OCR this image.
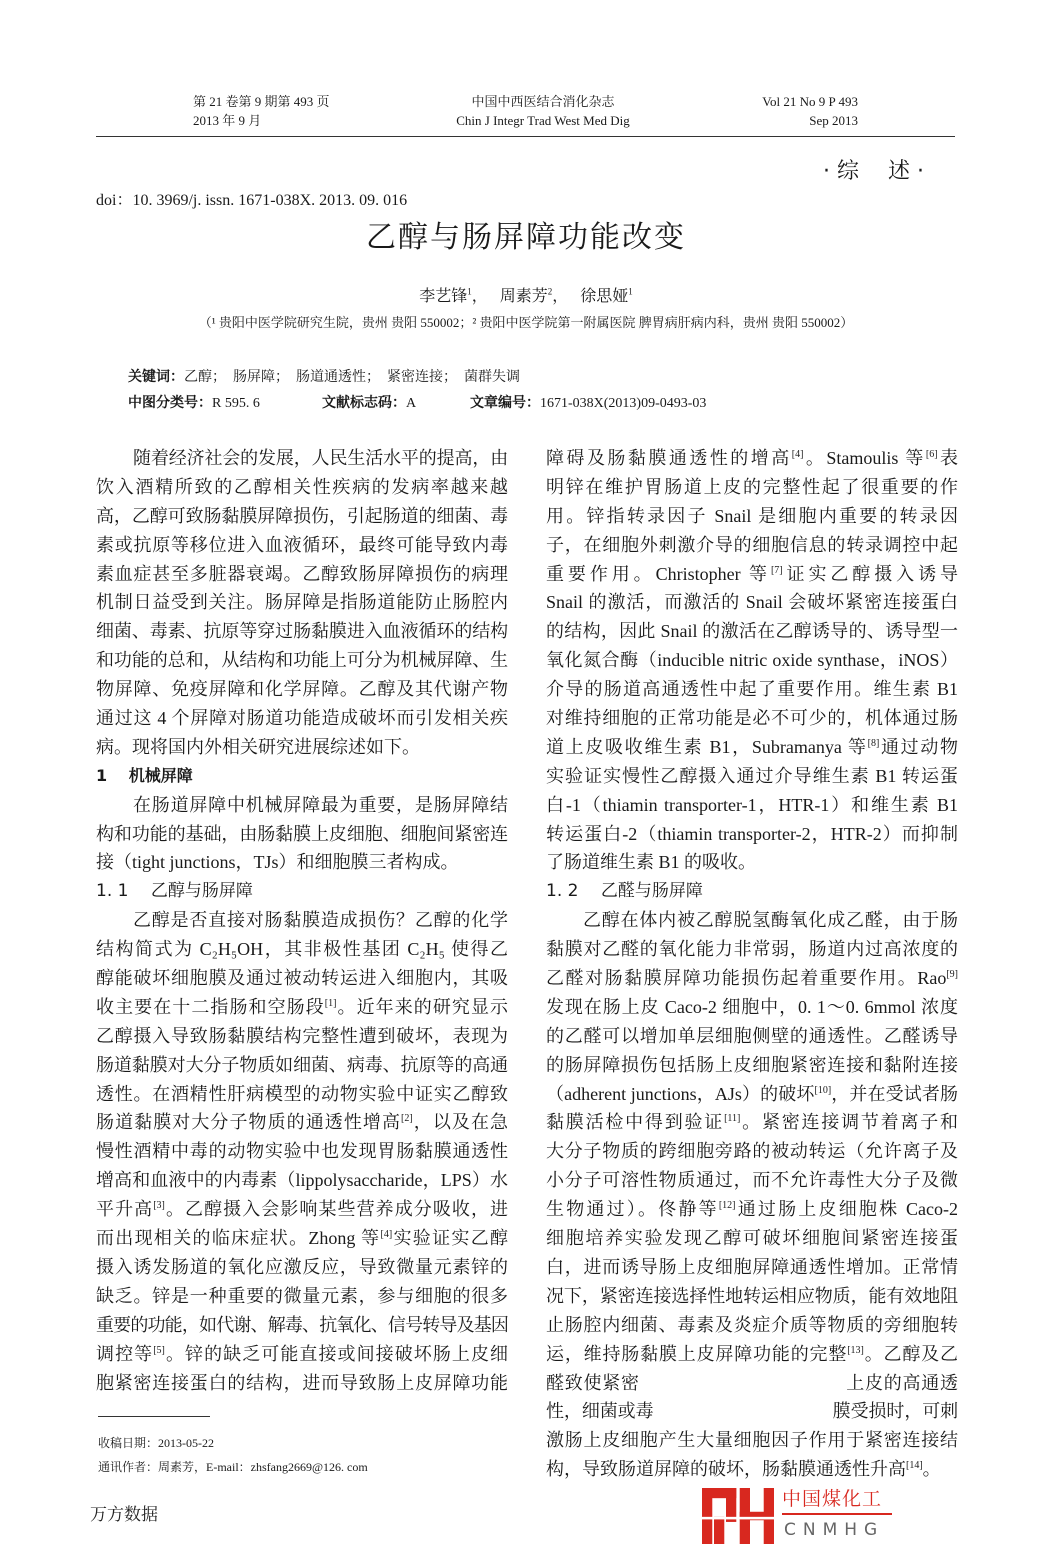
第 21 卷第 9 期第 493 页
2013 年 9 月
中国中西医结合消化杂志
Chin J Integr Trad West Med Dig
Vol 21 No 9 P 493
Sep 2013
· 综　 述 ·
doi：10. 3969/j. issn. 1671-038X. 2013. 09. 016
乙醇与肠屏障功能改变
李艺锋$^1$，　 周素芳$^2$，　 徐思娅$^1$
（¹ 贵阳中医学院研究生院，贵州 贵阳 550002；² 贵阳中医学院第一附属医院 脾胃病肝病内科，贵州 贵阳 550002）
关键词：乙醇；　肠屏障；　肠道通透性；　紧密连接；　菌群失调
中图分类号：R 595. 6	文献标志码：A	文章编号：1671-038X(2013)09-0493-03
随着经济社会的发展，人民生活水平的提高，由
饮入酒精所致的乙醇相关性疾病的发病率越来越
高，乙醇可致肠黏膜屏障损伤，引起肠道的细菌、毒
素或抗原等移位进入血液循环，最终可能导致内毒
素血症甚至多脏器衰竭。乙醇致肠屏障损伤的病理
机制日益受到关注。肠屏障是指肠道能防止肠腔内
细菌、毒素、抗原等穿过肠黏膜进入血液循环的结构
和功能的总和，从结构和功能上可分为机械屏障、生
物屏障、免疫屏障和化学屏障。乙醇及其代谢产物
通过这 4 个屏障对肠道功能造成破坏而引发相关疾
病。现将国内外相关研究进展综述如下。
1　 机械屏障
在肠道屏障中机械屏障最为重要，是肠屏障结
构和功能的基础，由肠黏膜上皮细胞、细胞间紧密连
接（tight junctions，TJs）和细胞膜三者构成。
1. 1　 乙醇与肠屏障
乙醇是否直接对肠黏膜造成损伤？乙醇的化学
结构简式为 C₂H₅OH，其非极性基团 C₂H₅ 使得乙
醇能破坏细胞膜及通过被动转运进入细胞内，其吸
收主要在十二指肠和空肠段[1]。近年来的研究显示
乙醇摄入导致肠黏膜结构完整性遭到破坏，表现为
肠道黏膜对大分子物质如细菌、病毒、抗原等的高通
透性。在酒精性肝病模型的动物实验中证实乙醇致
肠道黏膜对大分子物质的通透性增高[2]，以及在急
慢性酒精中毒的动物实验中也发现胃肠黏膜通透性
增高和血液中的内毒素（lippolysaccharide，LPS）水
平升高[3]。乙醇摄入会影响某些营养成分吸收，进
而出现相关的临床症状。Zhong 等[4]实验证实乙醇
摄入诱发肠道的氧化应激反应，导致微量元素锌的
缺乏。锌是一种重要的微量元素，参与细胞的很多
重要的功能，如代谢、解毒、抗氧化、信号转导及基因
调控等[5]。锌的缺乏可能直接或间接破坏肠上皮细
胞紧密连接蛋白的结构，进而导致肠上皮屏障功能
障碍及肠黏膜通透性的增高[4]。Stamoulis 等[6]表
明锌在维护胃肠道上皮的完整性起了很重要的作
用。锌指转录因子 Snail 是细胞内重要的转录因
子，在细胞外刺激介导的细胞信息的转录调控中起
重要作用。Christopher 等[7]证实乙醇摄入诱导
Snail 的激活，而激活的 Snail 会破坏紧密连接蛋白
的结构，因此 Snail 的激活在乙醇诱导的、诱导型一
氧化氮合酶（inducible nitric oxide synthase，iNOS）
介导的肠道高通透性中起了重要作用。维生素 B1
对维持细胞的正常功能是必不可少的，机体通过肠
道上皮吸收维生素 B1，Subramanya 等[8]通过动物
实验证实慢性乙醇摄入通过介导维生素 B1 转运蛋
白-1（thiamin transporter-1，HTR-1）和维生素 B1
转运蛋白-2（thiamin transporter-2，HTR-2）而抑制
了肠道维生素 B1 的吸收。
1. 2　 乙醛与肠屏障
乙醇在体内被乙醇脱氢酶氧化成乙醛，由于肠
黏膜对乙醛的氧化能力非常弱，肠道内过高浓度的
乙醛对肠黏膜屏障功能损伤起着重要作用。Rao[9]
发现在肠上皮 Caco-2 细胞中，0. 1～0. 6mmol 浓度
的乙醛可以增加单层细胞侧壁的通透性。乙醛诱导
的肠屏障损伤包括肠上皮细胞紧密连接和黏附连接
（adherent junctions，AJs）的破坏[10]，并在受试者肠
黏膜活检中得到验证[11]。紧密连接调节着离子和
大分子物质的跨细胞旁路的被动转运（允许离子及
小分子可溶性物质通过，而不允许毒性大分子及微
生物通过）。佟静等[12]通过肠上皮细胞株 Caco-2
细胞培养实验发现乙醇可破坏细胞间紧密连接蛋
白，进而诱导肠上皮细胞屏障通透性增加。正常情
况下，紧密连接选择性地转运相应物质，能有效地阻
止肠腔内细菌、毒素及炎症介质等物质的旁细胞转
运，维持肠黏膜上皮屏障功能的完整[13]。乙醇及乙
醛致使紧密　　　　　　　　　　　上皮的高通透
性，细菌或毒　　　　　　　　　　膜受损时，可刺
激肠上皮细胞产生大量细胞因子作用于紧密连接结
构，导致肠道屏障的破坏，肠黏膜通透性升高[14]。
中国煤化工
CNMHG
收稿日期：2013-05-22
通讯作者：周素芳，E-mail：zhsfang2669@126. com
万方数据
